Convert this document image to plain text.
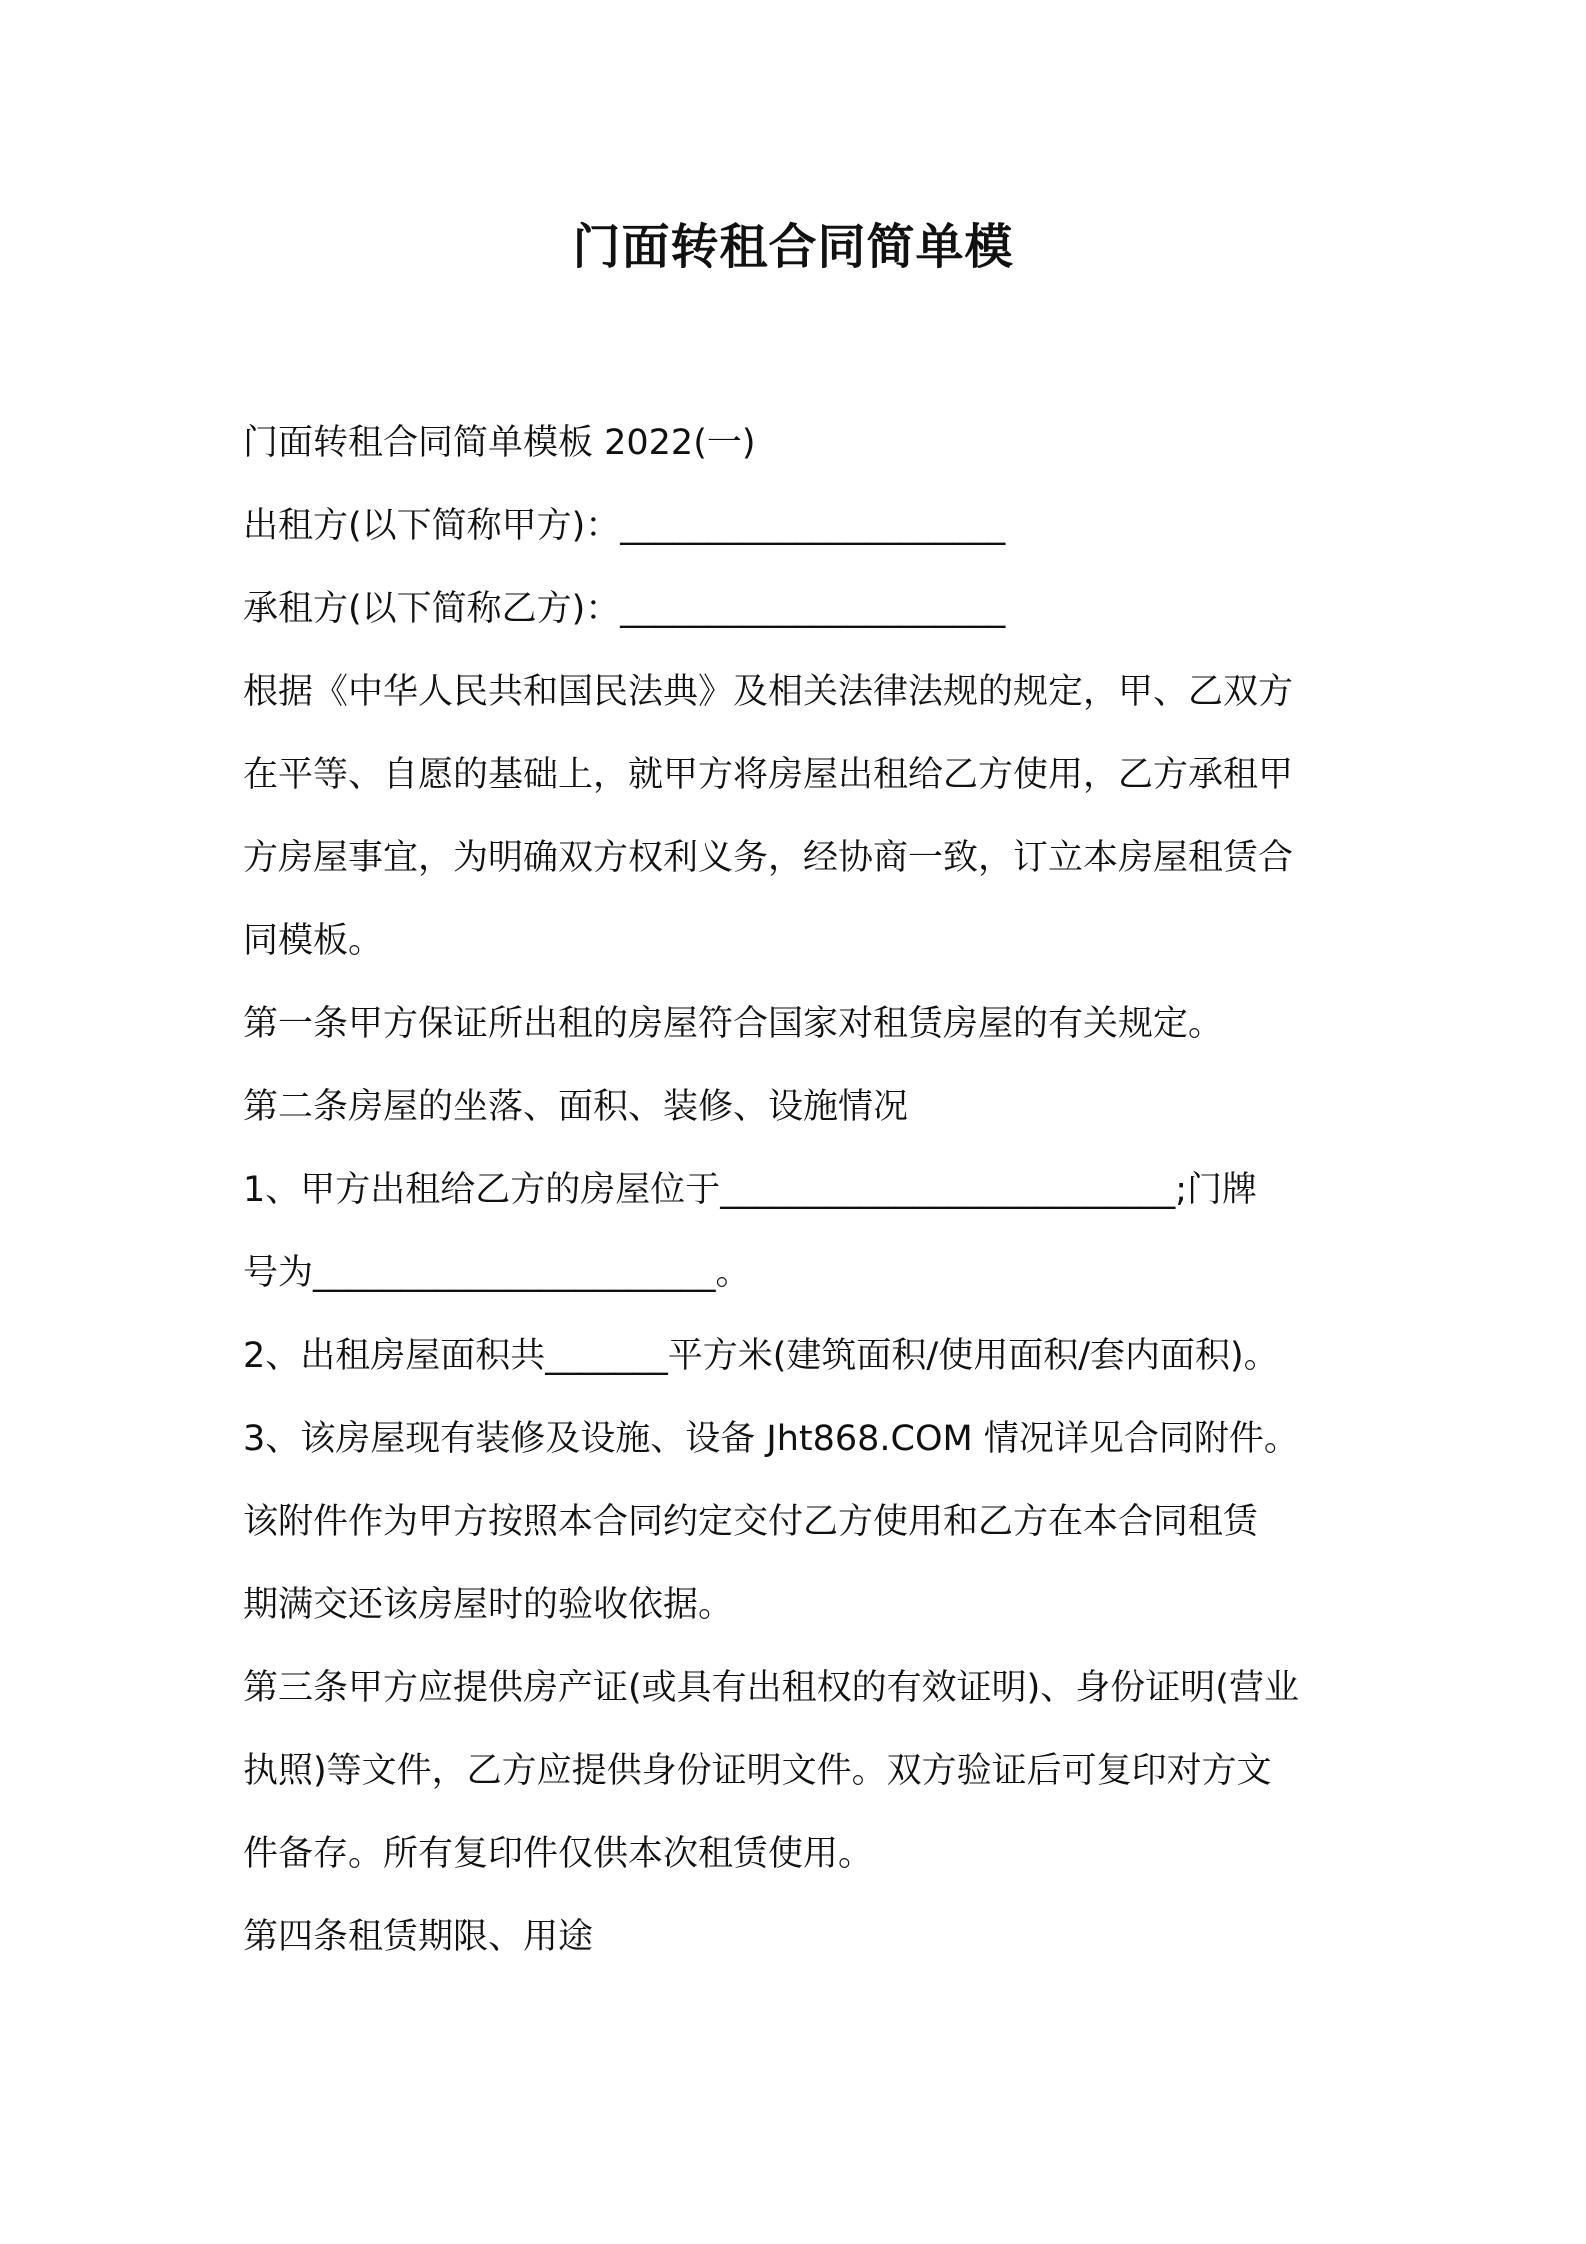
门面转租合同简单模
门面转租合同简单模板 2022(一)
出租方(以下简称甲方)：______________________
承租方(以下简称乙方)：______________________
根据《中华人民共和国民法典》及相关法律法规的规定，甲、乙双方
在平等、自愿的基础上，就甲方将房屋出租给乙方使用，乙方承租甲
方房屋事宜，为明确双方权利义务，经协商一致，订立本房屋租赁合
同模板。
第一条甲方保证所出租的房屋符合国家对租赁房屋的有关规定。
第二条房屋的坐落、面积、装修、设施情况
1、甲方出租给乙方的房屋位于__________________________;门牌
号为_______________________。
2、出租房屋面积共_______平方米(建筑面积/使用面积/套内面积)。
3、该房屋现有装修及设施、设备 Jht868.COM 情况详见合同附件。
该附件作为甲方按照本合同约定交付乙方使用和乙方在本合同租赁
期满交还该房屋时的验收依据。
第三条甲方应提供房产证(或具有出租权的有效证明)、身份证明(营业
执照)等文件，乙方应提供身份证明文件。双方验证后可复印对方文
件备存。所有复印件仅供本次租赁使用。
第四条租赁期限、用途
